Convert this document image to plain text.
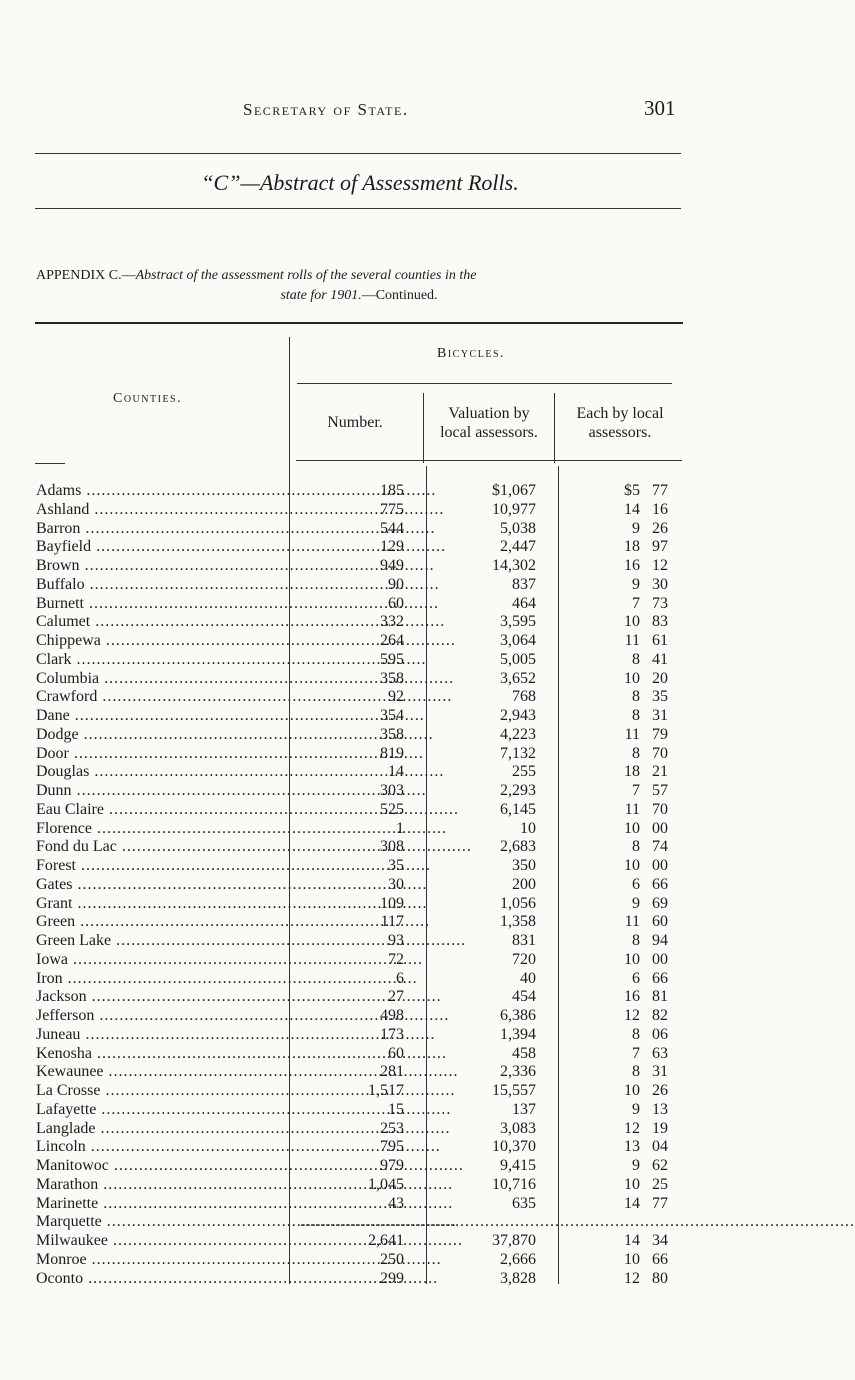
Secretary of State.	301
“C”—Abstract of Assessment Rolls.
APPENDIX C.—Abstract of the assessment rolls of the several counties in the
state for 1901.—Continued.
Counties.
Bicycles.
Number.
Valuation by
local assessors.
Each by local
assessors.
Adams .....	185	$1,067	$5 77
Ashland .....	775	10,977	14 16
Barron .....	544	5,038	9 26
Bayfield .....	129	2,447	18 97
Brown .....	949	14,302	16 12
Buffalo .....	90	837	9 30
Burnett .....	60	464	7 73
Calumet .....	332	3,595	10 83
Chippewa .....	264	3,064	11 61
Clark .....	595	5,005	8 41
Columbia .....	358	3,652	10 20
Crawford .....	92	768	8 35
Dane .....	354	2,943	8 31
Dodge .....	358	4,223	11 79
Door .....	819	7,132	8 70
Douglas .....	14	255	18 21
Dunn .....	303	2,293	7 57
Eau Claire .....	525	6,145	11 70
Florence .....	1	10	10 00
Fond du Lac .....	308	2,683	8 74
Forest .....	35	350	10 00
Gates .....	30	200	6 66
Grant .....	109	1,056	9 69
Green .....	117	1,358	11 60
Green Lake .....	93	831	8 94
Iowa .....	72	720	10 00
Iron .....	6	40	6 66
Jackson .....	27	454	16 81
Jefferson .....	498	6,386	12 82
Juneau .....	173	1,394	8 06
Kenosha .....	60	458	7 63
Kewaunee .....	281	2,336	8 31
La Crosse .....	1,517	15,557	10 26
Lafayette .....	15	137	9 13
Langlade .....	253	3,083	12 19
Lincoln .....	795	10,370	13 04
Manitowoc .....	979	9,415	9 62
Marathon .....	1,045	10,716	10 25
Marinette .....	43	635	14 77
Marquette .....	...............................................................................................................
Milwaukee .....	2,641	37,870	14 34
Monroe .....	250	2,666	10 66
Oconto .....	299	3,828	12 80
